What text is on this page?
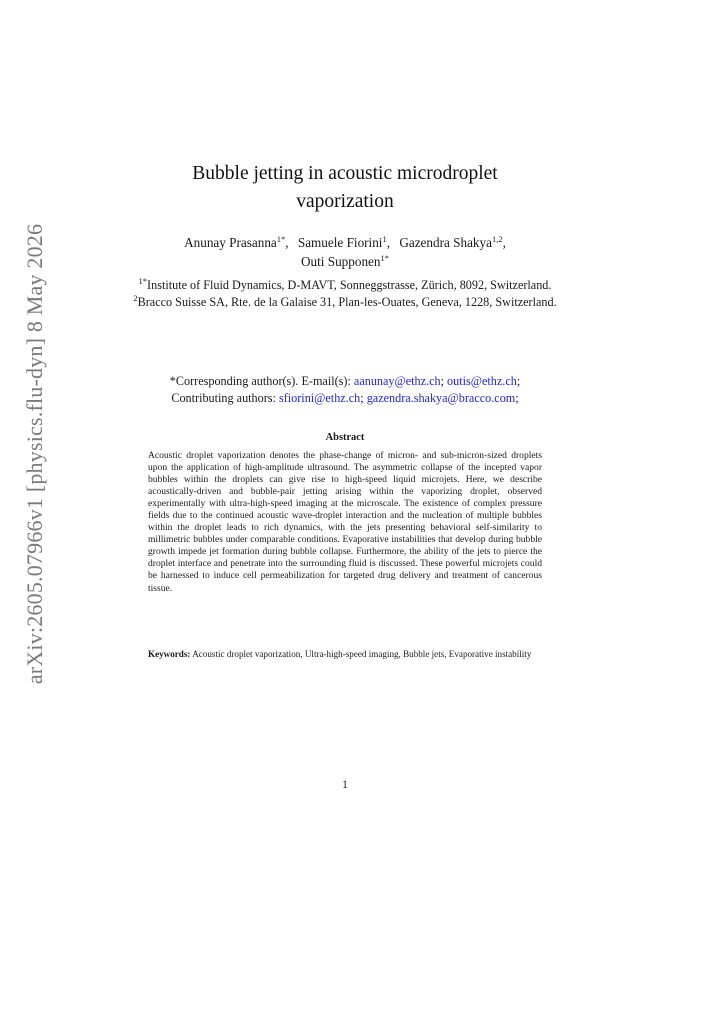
arXiv:2605.07966v1 [physics.flu-dyn] 8 May 2026
Bubble jetting in acoustic microdroplet vaporization
Anunay Prasanna$^{1*}$, Samuele Fiorini$^1$, Gazendra Shakya$^{1,2}$,
Outi Supponen$^{1*}$
$^{1*}$Institute of Fluid Dynamics, D-MAVT, Sonneggstrasse, Zürich, 8092, Switzerland.
$^2$Bracco Suisse SA, Rte. de la Galaise 31, Plan-les-Ouates, Geneva, 1228, Switzerland.
*Corresponding author(s). E-mail(s): aanunay@ethz.ch; outis@ethz.ch;
Contributing authors: sfiorini@ethz.ch; gazendra.shakya@bracco.com;
Abstract
Acoustic droplet vaporization denotes the phase-change of micron- and sub-micron-sized droplets upon the application of high-amplitude ultrasound. The asymmetric collapse of the incepted vapor bubbles within the droplets can give rise to high-speed liquid microjets. Here, we describe acoustically-driven and bubble-pair jetting arising within the vaporizing droplet, observed experimentally with ultra-high-speed imaging at the microscale. The existence of complex pressure fields due to the continued acoustic wave-droplet interaction and the nucleation of multiple bubbles within the droplet leads to rich dynamics, with the jets presenting behavioral self-similarity to millimetric bubbles under comparable conditions. Evaporative instabilities that develop during bubble growth impede jet formation during bubble collapse. Furthermore, the ability of the jets to pierce the droplet interface and penetrate into the surrounding fluid is discussed. These powerful microjets could be harnessed to induce cell permeabilization for targeted drug delivery and treatment of cancerous tissue.
Keywords: Acoustic droplet vaporization, Ultra-high-speed imaging, Bubble jets, Evaporative instability
1
